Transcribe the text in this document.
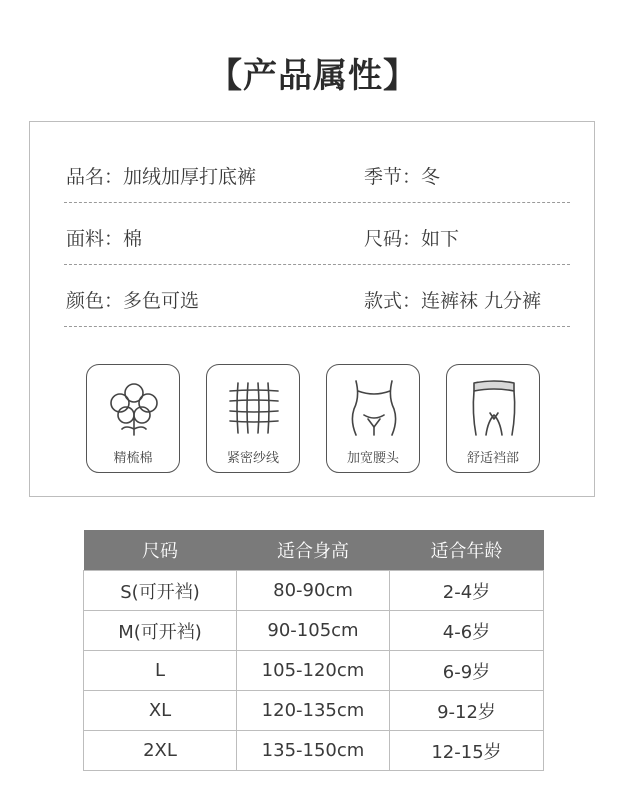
【产品属性】
品名：加绒加厚打底裤	季节：冬
面料：棉	尺码：如下
颜色：多色可选	款式：连裤袜 九分裤
精梳棉	紧密纱线	加宽腰头	舒适裆部
尺码	适合身高	适合年龄
S(可开裆)	80-90cm	2-4岁
M(可开裆)	90-105cm	4-6岁
L	105-120cm	6-9岁
XL	120-135cm	9-12岁
2XL	135-150cm	12-15岁
